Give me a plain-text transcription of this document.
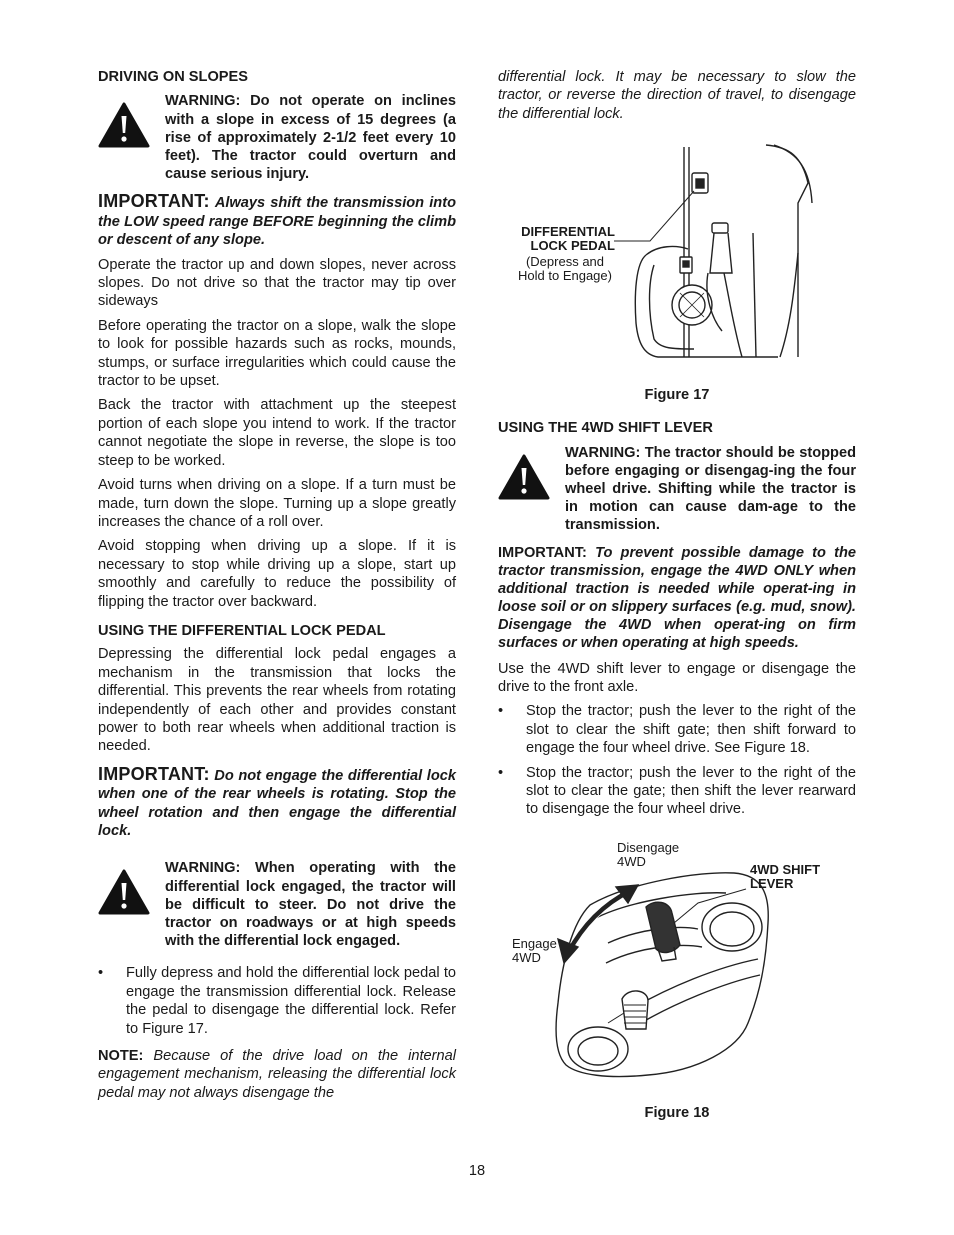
DRIVING ON SLOPES
WARNING: Do not operate on inclines with a slope in excess of 15 degrees (a rise of approximately 2-1/2 feet every 10 feet). The tractor could overturn and cause serious injury.

IMPORTANT: Always shift the transmission into the LOW speed range BEFORE beginning the climb or descent of any slope.

Operate the tractor up and down slopes, never across slopes. Do not drive so that the tractor may tip over sideways

Before operating the tractor on a slope, walk the slope to look for possible hazards such as rocks, mounds, stumps, or surface irregularities which could cause the tractor to be upset.

Back the tractor with attachment up the steepest portion of each slope you intend to work. If the tractor cannot negotiate the slope in reverse, the slope is too steep to be worked.

Avoid turns when driving on a slope. If a turn must be made, turn down the slope. Turning up a slope greatly increases the chance of a roll over.

Avoid stopping when driving up a slope. If it is necessary to stop while driving up a slope, start up smoothly and carefully to reduce the possibility of flipping the tractor over backward.

USING THE DIFFERENTIAL LOCK PEDAL

Depressing the differential lock pedal engages a mechanism in the transmission that locks the differential. This prevents the rear wheels from rotating independently of each other and provides constant power to both rear wheels when additional traction is needed.

IMPORTANT: Do not engage the differential lock when one of the rear wheels is rotating. Stop the wheel rotation and then engage the differential lock.

WARNING: When operating with the differential lock engaged, the tractor will be difficult to steer. Do not drive the tractor on roadways or at high speeds with the differential lock engaged.
•	Fully depress and hold the differential lock pedal to engage the transmission differential lock. Release the pedal to disengage the differential lock. Refer to Figure 17.

NOTE: Because of the drive load on the internal engagement mechanism, releasing the differential lock pedal may not always disengage the

differential lock. It may be necessary to slow the tractor, or reverse the direction of travel, to disengage the differential lock.

DIFFERENTIAL
LOCK PEDAL
(Depress and
Hold to Engage)
Figure 17
USING THE 4WD SHIFT LEVER
WARNING: The tractor should be stopped before engaging or disengag-ing the four wheel drive. Shifting while the tractor is in motion can cause dam-age to the transmission.

IMPORTANT: To prevent possible damage to the tractor transmission, engage the 4WD ONLY when additional traction is needed while operat-ing in loose soil or on slippery surfaces (e.g. mud, snow). Disengage the 4WD when operat-ing on firm surfaces or when operating at high speeds.

Use the 4WD shift lever to engage or disengage the drive to the front axle.

•	Stop the tractor; push the lever to the right of the slot to clear the shift gate; then shift forward to engage the four wheel drive. See Figure 18.
•	Stop the tractor; push the lever to the right of the slot to clear the gate; then shift the lever rearward to disengage the four wheel drive.
Disengage
4WD
4WD SHIFT
LEVER
Engage
4WD
Figure 18
18
